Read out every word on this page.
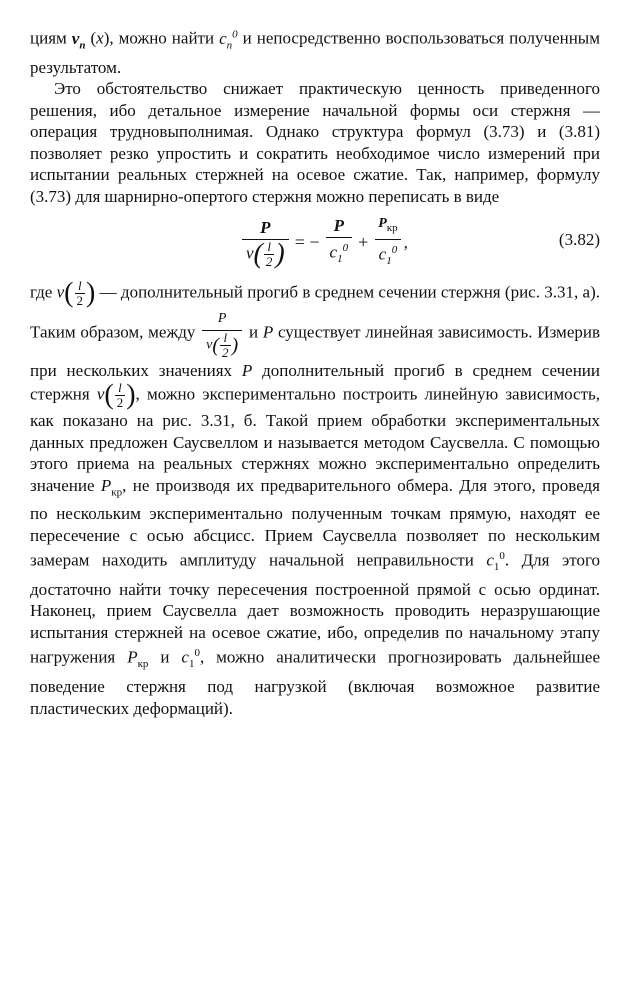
циям $v_n$ (x), можно найти $c_n^0$ и непосредственно воспользоваться полученным результатом.

Это обстоятельство снижает практическую ценность приведенного решения, ибо детальное измерение начальной формы оси стержня — операция трудновыполнимая. Однако структура формул (3.73) и (3.81) позволяет резко упростить и сократить необходимое число измерений при испытании реальных стержней на осевое сжатие. Так, например, формулу (3.73) для шарнирно-опертого стержня можно переписать в виде

$\frac{P}{v( \frac{l}{2} )}$ = − $\frac{P}{c_1^0} + \frac{P_{кр}}{c_1^0}$ ,	(3.82)

где $v( \frac{l}{2}$ ) — дополнительный прогиб в среднем сечении стержня (рис. 3.31, а). Таким образом, между $\frac{P}{v( \frac{l}{2} )}$ и P существует линейная зависимость. Измерив при нескольких значениях P дополнительный прогиб в среднем сечении стержня $v( \frac{l}{2}$ ), можно экспериментально построить линейную зависимость, как показано на рис. 3.31, б. Такой прием обработки экспериментальных данных предложен Саусвеллом и называется методом Саусвелла. С помощью этого приема на реальных стержнях можно экспериментально определить значение $P_{кр}$, не производя их предварительного обмера. Для этого, проведя по нескольким экспериментально полученным точкам прямую, находят ее пересечение с осью абсцисс. Прием Саусвелла позволяет по нескольким замерам находить амплитуду начальной неправильности $c_1^0$. Для этого достаточно найти точку пересечения построенной прямой с осью ординат. Наконец, прием Саусвелла дает возможность проводить неразрушающие испытания стержней на осевое сжатие, ибо, определив по начальному этапу нагружения $P_{кр}$ и $c_1^0$, можно аналитически прогнозировать дальнейшее поведение стержня под нагрузкой (включая возможное развитие пластических деформаций).
